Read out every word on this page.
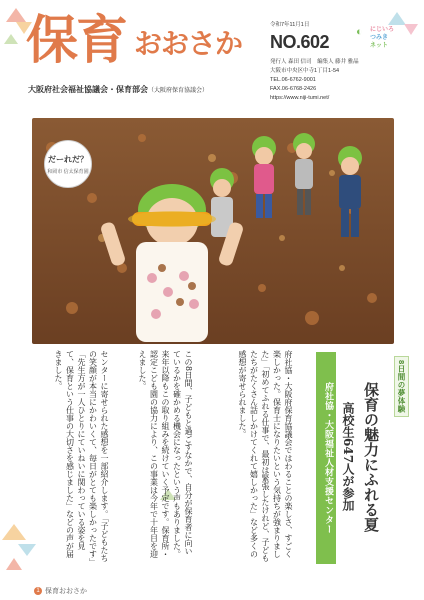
保育 おおさか
大阪府社会福祉協議会・保育部会（大阪府保育協議会）
令和7年11月1日
NO.602 ◐ にじいろ
つみき
ネット
発行人 森田 信司　 編集人 藤井 雅晶
大阪市中央区中寺1丁目1-54
TEL.06-6762-9001
FAX.06-6768-2426
https://www.niji-tumi.net/
だーれだ？
和岡市 信太保育園
府社協・大阪府保育協議会ではわることの楽しさ、すごく楽しかった。保育士になりたいという気持ちが強まりました」「初めてふれる仕事で、最初は緊張したけれど、子どもたちがたくさん話しかけてくれて嬉しかった」など多くの感想が寄せられました。
この8日間、子どもと過ごすなかで、自分が保育者に向いているかを確かめる機会になったという声もありました。来年以降もこの取り組みを続けていく予定です。保育所・認定こども園の協力により、この事業は今年で十年目を迎えました。
センターに寄せられた感想を一部紹介します。「子どもたちの笑顔が本当にかわいくて、毎日がとても楽しかったです」「先生方が一人ひとりにていねいに関わっている姿を見て、保育という仕事の大切さを感じました」などの声が届きました。	8日間の夢体験
保育の魅力にふれる夏
高校生647人が参加
府社協・大阪福祉人材支援センター
1 保育おおさか
